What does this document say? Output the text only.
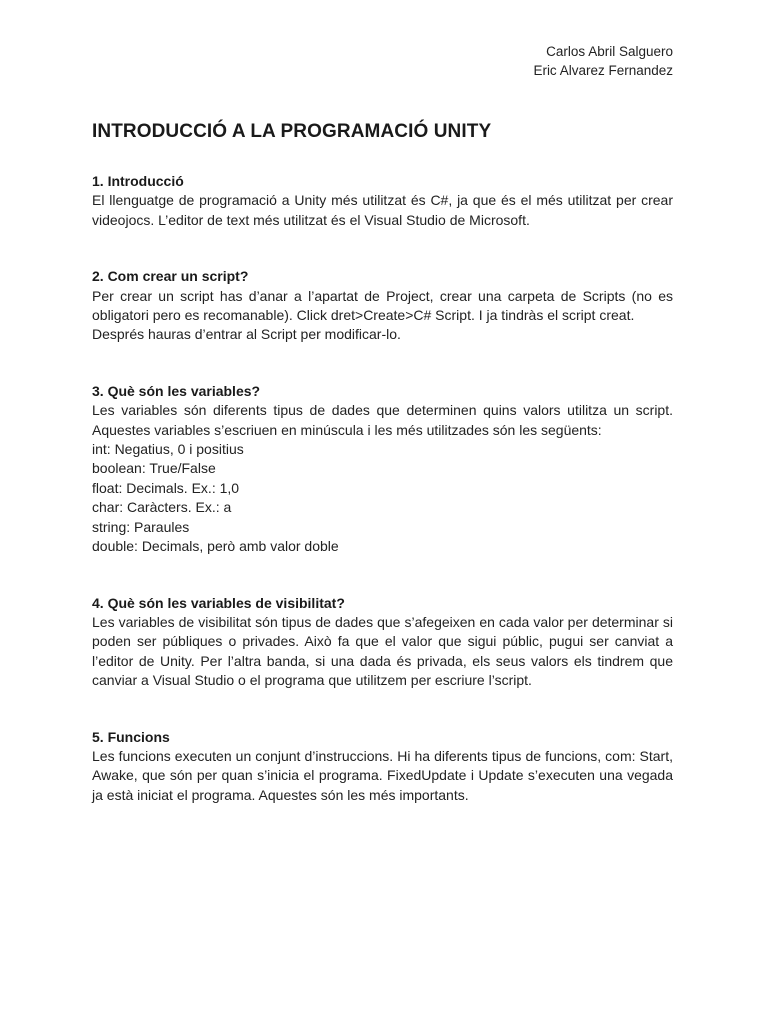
Carlos Abril Salguero
Eric Alvarez Fernandez
INTRODUCCIÓ A LA PROGRAMACIÓ UNITY

1. Introducció

El llenguatge de programació a Unity més utilitzat és C#, ja que és el més utilitzat per crear videojocs. L’editor de text més utilitzat és el Visual Studio de Microsoft.

2. Com crear un script?

Per crear un script has d’anar a l’apartat de Project, crear una carpeta de Scripts (no es obligatori pero es recomanable). Click dret>Create>C# Script. I ja tindràs el script creat.

Després hauras d’entrar al Script per modificar-lo.

3. Què són les variables?

Les variables són diferents tipus de dades que determinen quins valors utilitza un script. Aquestes variables s’escriuen en minúscula i les més utilitzades són les següents:

int: Negatius, 0 i positius

boolean: True/False

float: Decimals. Ex.: 1,0

char: Caràcters. Ex.: a

string: Paraules

double: Decimals, però amb valor doble

4. Què són les variables de visibilitat?

Les variables de visibilitat són tipus de dades que s’afegeixen en cada valor per determinar si poden ser públiques o privades. Això fa que el valor que sigui públic, pugui ser canviat a l’editor de Unity. Per l’altra banda, si una dada és privada, els seus valors els tindrem que canviar a Visual Studio o el programa que utilitzem per escriure l’script.

5. Funcions

Les funcions executen un conjunt d’instruccions. Hi ha diferents tipus de funcions, com: Start, Awake, que són per quan s’inicia el programa. FixedUpdate i Update s’executen una vegada ja està iniciat el programa. Aquestes són les més importants.
